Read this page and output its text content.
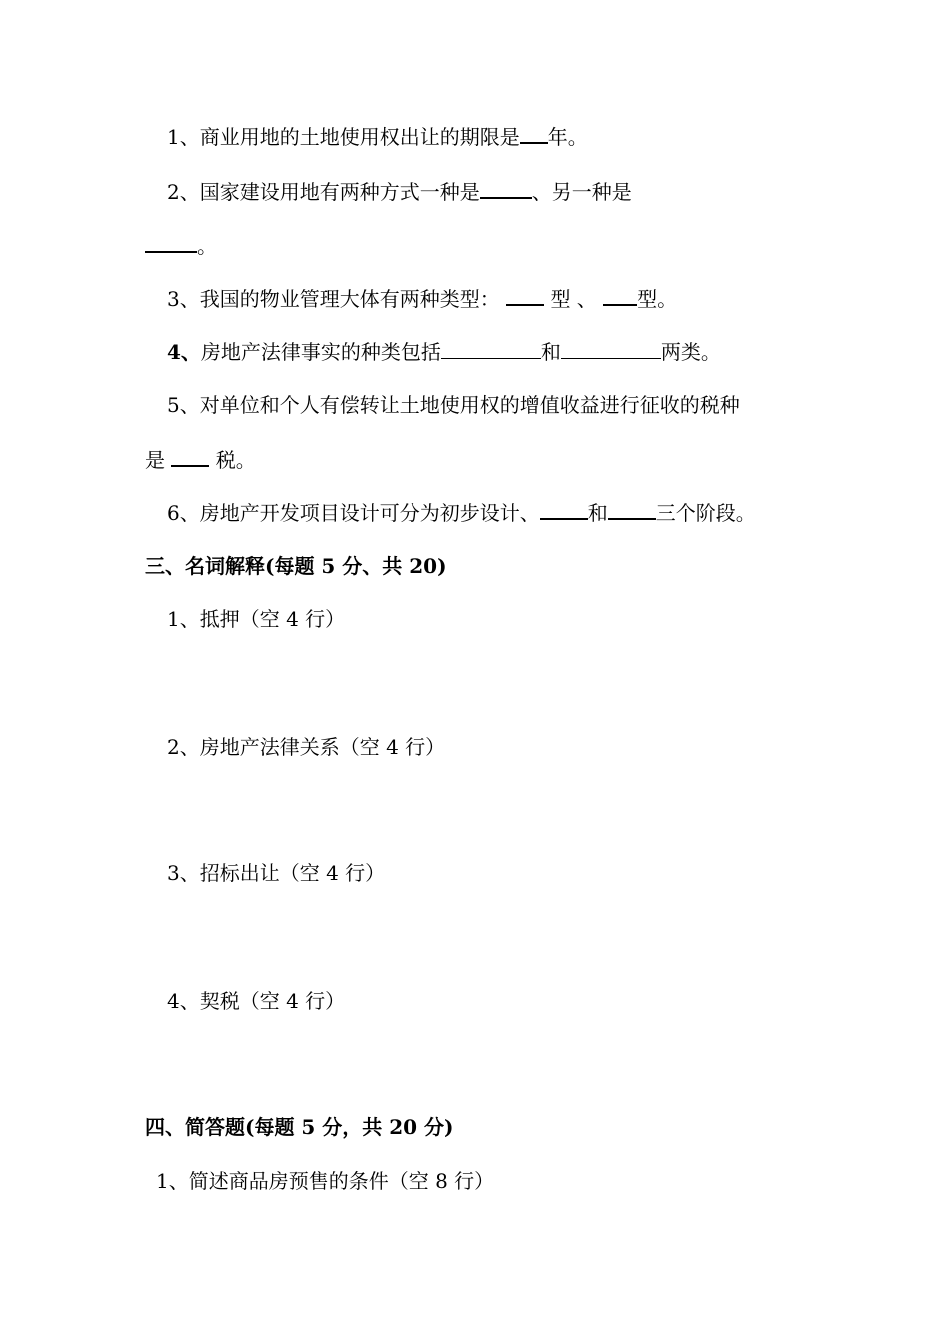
1、商业用地的土地使用权出让的期限是 年。
2、国家建设用地有两种方式一种是	、另一种是
。
3、我国的物业管理大体有两种类型：	型 、 型。
4、房地产法律事实的种类包括	和	两类。
5、对单位和个人有偿转让土地使用权的增值收益进行征收的税种
是	税。
6、房地产开发项目设计可分为初步设计、 和 三个阶段。
三、名词解释(每题 5 分、共 20)
1、抵押（空 4 行）
2、房地产法律关系（空 4 行）
3、招标出让（空 4 行）
4、契税（空 4 行）
四、简答题(每题 5 分，共 20 分)
1、简述商品房预售的条件（空 8 行）
